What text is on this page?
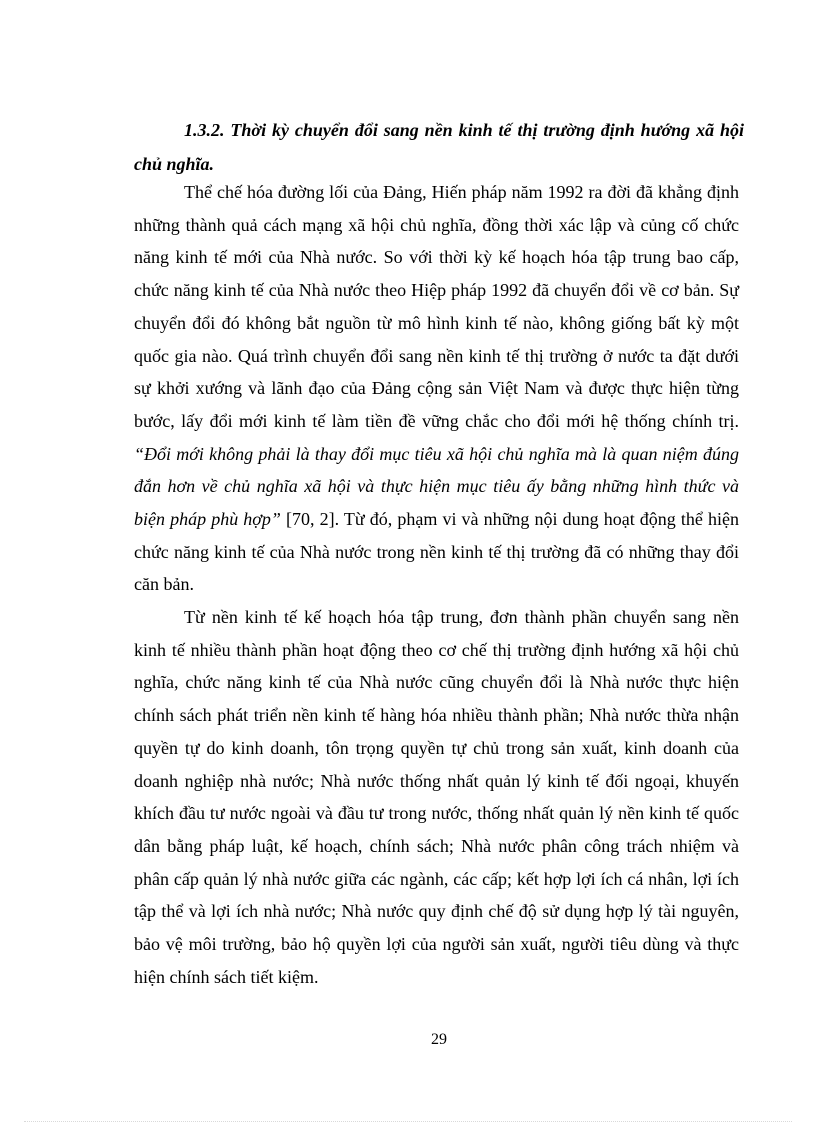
1.3.2. Thời kỳ chuyển đổi sang nền kinh tế thị trường định hướng xã hội chủ nghĩa.

Thể chế hóa đường lối của Đảng, Hiến pháp năm 1992 ra đời đã khẳng định những thành quả cách mạng xã hội chủ nghĩa, đồng thời xác lập và củng cố chức năng kinh tế mới của Nhà nước. So với thời kỳ kế hoạch hóa tập trung bao cấp, chức năng kinh tế của Nhà nước theo Hiệp pháp 1992 đã chuyển đổi về cơ bản. Sự chuyển đổi đó không bắt nguồn từ mô hình kinh tế nào, không giống bất kỳ một quốc gia nào. Quá trình chuyển đổi sang nền kinh tế thị trường ở nước ta đặt dưới sự khởi xướng và lãnh đạo của Đảng cộng sản Việt Nam và được thực hiện từng bước, lấy đổi mới kinh tế làm tiền đề vững chắc cho đổi mới hệ thống chính trị. “Đổi mới không phải là thay đổi mục tiêu xã hội chủ nghĩa mà là quan niệm đúng đắn hơn về chủ nghĩa xã hội và thực hiện mục tiêu ấy bằng những hình thức và biện pháp phù hợp” [70, 2]. Từ đó, phạm vi và những nội dung hoạt động thể hiện chức năng kinh tế của Nhà nước trong nền kinh tế thị trường đã có những thay đổi căn bản.

Từ nền kinh tế kế hoạch hóa tập trung, đơn thành phần chuyển sang nền kinh tế nhiều thành phần hoạt động theo cơ chế thị trường định hướng xã hội chủ nghĩa, chức năng kinh tế của Nhà nước cũng chuyển đổi là Nhà nước thực hiện chính sách phát triển nền kinh tế hàng hóa nhiều thành phần; Nhà nước thừa nhận quyền tự do kinh doanh, tôn trọng quyền tự chủ trong sản xuất, kinh doanh của doanh nghiệp nhà nước; Nhà nước thống nhất quản lý kinh tế đối ngoại, khuyến khích đầu tư nước ngoài và đầu tư trong nước, thống nhất quản lý nền kinh tế quốc dân bằng pháp luật, kế hoạch, chính sách; Nhà nước phân công trách nhiệm và phân cấp quản lý nhà nước giữa các ngành, các cấp; kết hợp lợi ích cá nhân, lợi ích tập thể và lợi ích nhà nước; Nhà nước quy định chế độ sử dụng hợp lý tài nguyên, bảo vệ môi trường, bảo hộ quyền lợi của người sản xuất, người tiêu dùng và thực hiện chính sách tiết kiệm.

29
